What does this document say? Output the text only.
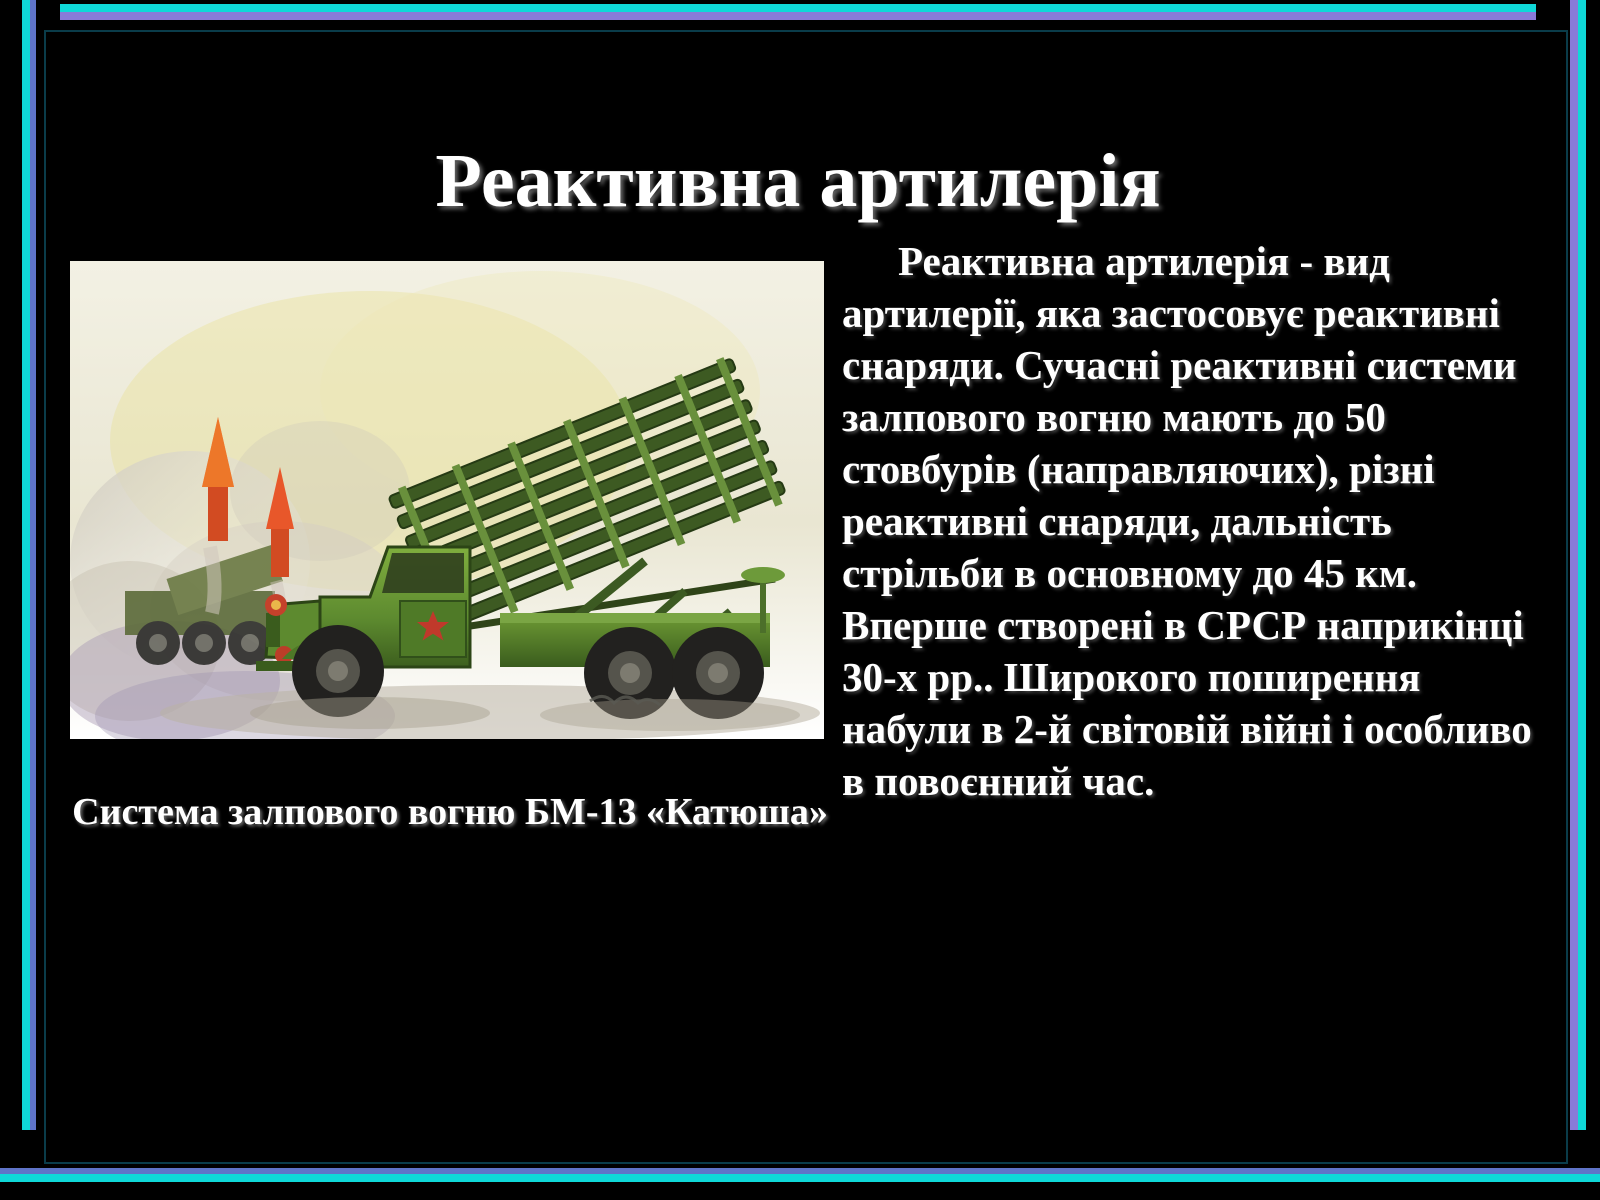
Реактивна артилерія
Система залпового вогню БМ-13 «Катюша»

Реактивна артилерія - вид артилерії, яка застосовує реактивні снаряди. Сучасні реактивні системи залпового вогню мають до 50 стовбурів (направляючих), різні реактивні снаряди, дальність стрільби в основному до 45 км. Вперше створені в СРСР наприкінці 30-х рр.. Широкого поширення набули в 2-й світовій війні і особливо в повоєнний час.
